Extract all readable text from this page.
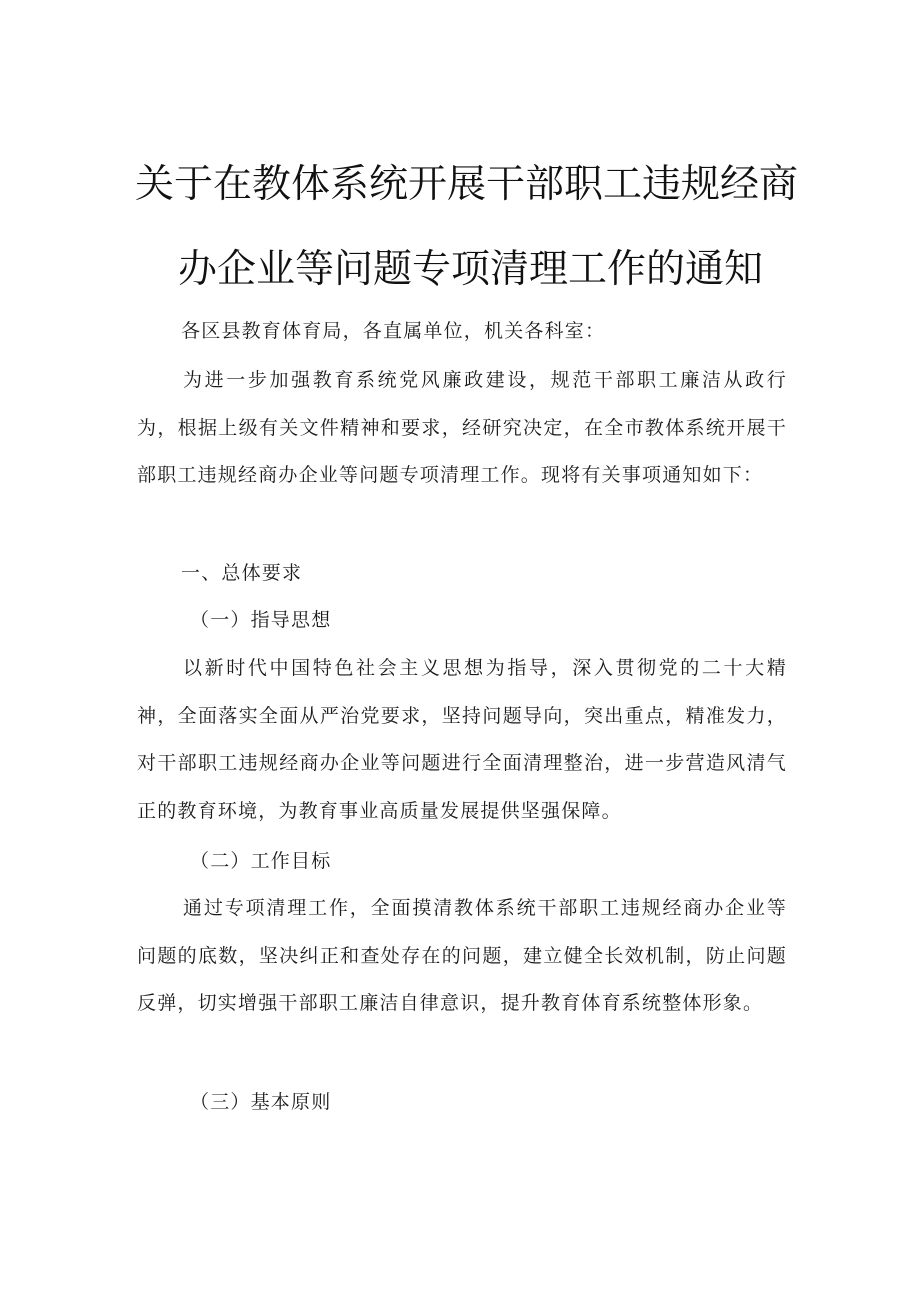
关于在教体系统开展干部职工违规经商
办企业等问题专项清理工作的通知
各区县教育体育局，各直属单位，机关各科室：
为进一步加强教育系统党风廉政建设，规范干部职工廉洁从政行为，根据上级有关文件精神和要求，经研究决定，在全市教体系统开展干部职工违规经商办企业等问题专项清理工作。现将有关事项通知如下：
一、总体要求
（一）指导思想
以新时代中国特色社会主义思想为指导，深入贯彻党的二十大精神，全面落实全面从严治党要求，坚持问题导向，突出重点，精准发力，对干部职工违规经商办企业等问题进行全面清理整治，进一步营造风清气正的教育环境，为教育事业高质量发展提供坚强保障。
（二）工作目标
通过专项清理工作，全面摸清教体系统干部职工违规经商办企业等问题的底数，坚决纠正和查处存在的问题，建立健全长效机制，防止问题反弹，切实增强干部职工廉洁自律意识，提升教育体育系统整体形象。
（三）基本原则
